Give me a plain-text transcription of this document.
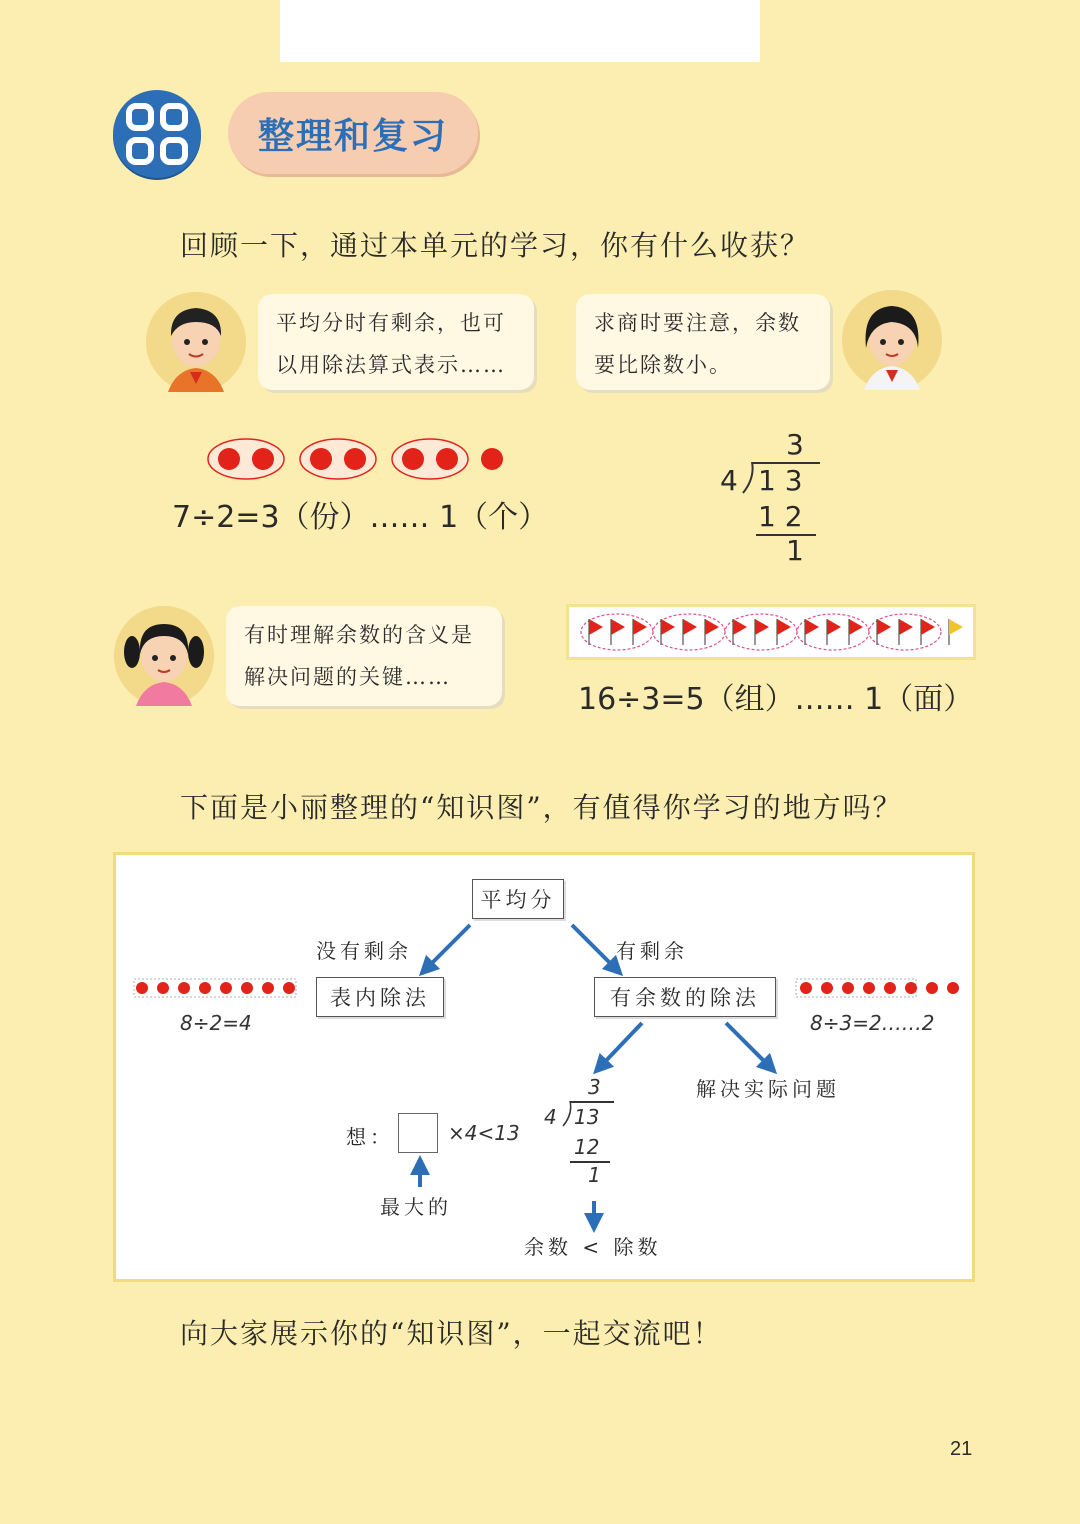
整理和复习
回顾一下，通过本单元的学习，你有什么收获？
平均分时有剩余，也可
以用除法算式表示……
求商时要注意，余数
要比除数小。
7÷2=3（份）…… 1（个）
3
4 1 3
1 2
1
有时理解余数的含义是
解决问题的关键……
16÷3=5（组）…… 1（面）
下面是小丽整理的“知识图”，有值得你学习的地方吗？
平均分
没有剩余	有剩余
表内除法	有余数的除法
8÷2=4	8÷3=2……2
解决实际问题
想：	×4<13
最大的
3
4 13
12
1
余数 < 除数
向大家展示你的“知识图”，一起交流吧！
21
